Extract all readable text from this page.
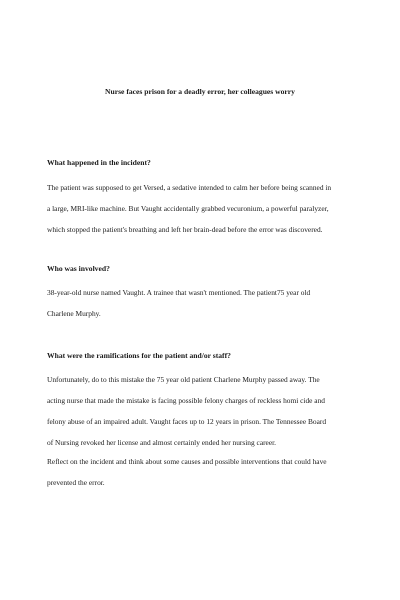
Nurse faces prison for a deadly error, her colleagues worry
What happened in the incident?

The patient was supposed to get Versed, a sedative intended to calm her before being scanned in
a large, MRI-like machine. But Vaught accidentally grabbed vecuronium, a powerful paralyzer,
which stopped the patient's breathing and left her brain-dead before the error was discovered.

Who was involved?

38-year-old nurse named Vaught. A trainee that wasn't mentioned. The patient75 year old
Charlene Murphy.

What were the ramifications for the patient and/or staff?

Unfortunately, do to this mistake the 75 year old patient Charlene Murphy passed away. The
acting nurse that made the mistake is facing possible felony charges of reckless homi cide and
felony abuse of an impaired adult. Vaught faces up to 12 years in prison. The Tennessee Board
of Nursing revoked her license and almost certainly ended her nursing career.

Reflect on the incident and think about some causes and possible interventions that could have
prevented the error.
